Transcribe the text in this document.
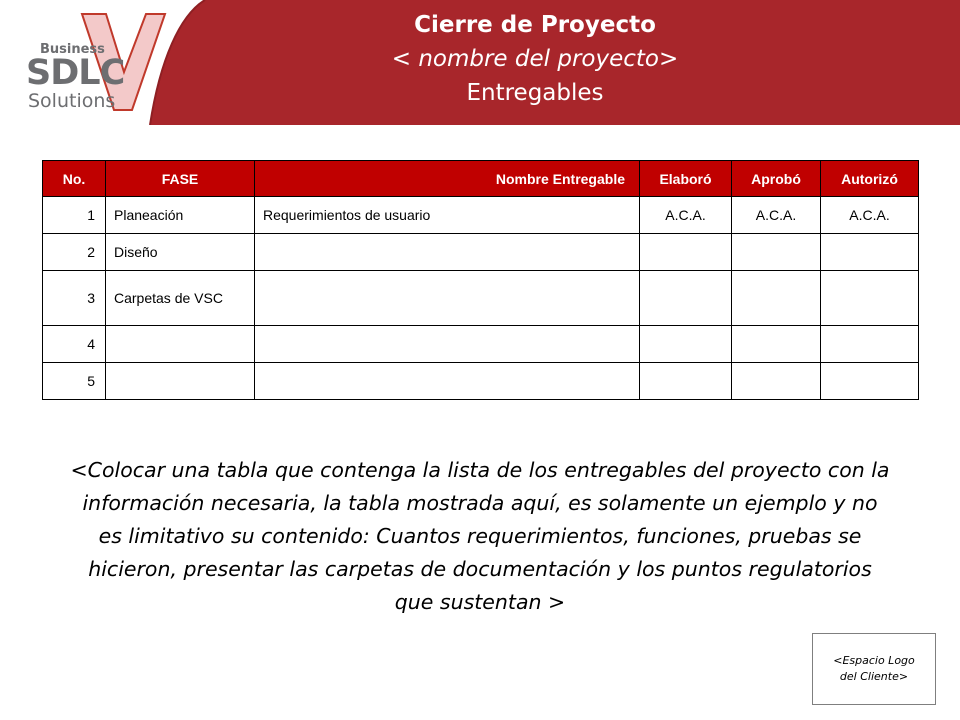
Cierre de Proyecto
< nombre del proyecto>
Entregables
Business
SDLC
Solutions
No.	FASE	Nombre Entregable	Elaboró	Aprobó	Autorizó
1	Planeación	Requerimientos de usuario	A.C.A.	A.C.A.	A.C.A.
2	Diseño				
3	Carpetas de VSC				
4					
5					
<Colocar una tabla que contenga la lista de los entregables del proyecto con la información necesaria, la tabla mostrada aquí, es solamente un ejemplo y no es limitativo su contenido: Cuantos requerimientos, funciones, pruebas se hicieron, presentar las carpetas de documentación y los puntos regulatorios que sustentan >
<Espacio Logo del Cliente>
